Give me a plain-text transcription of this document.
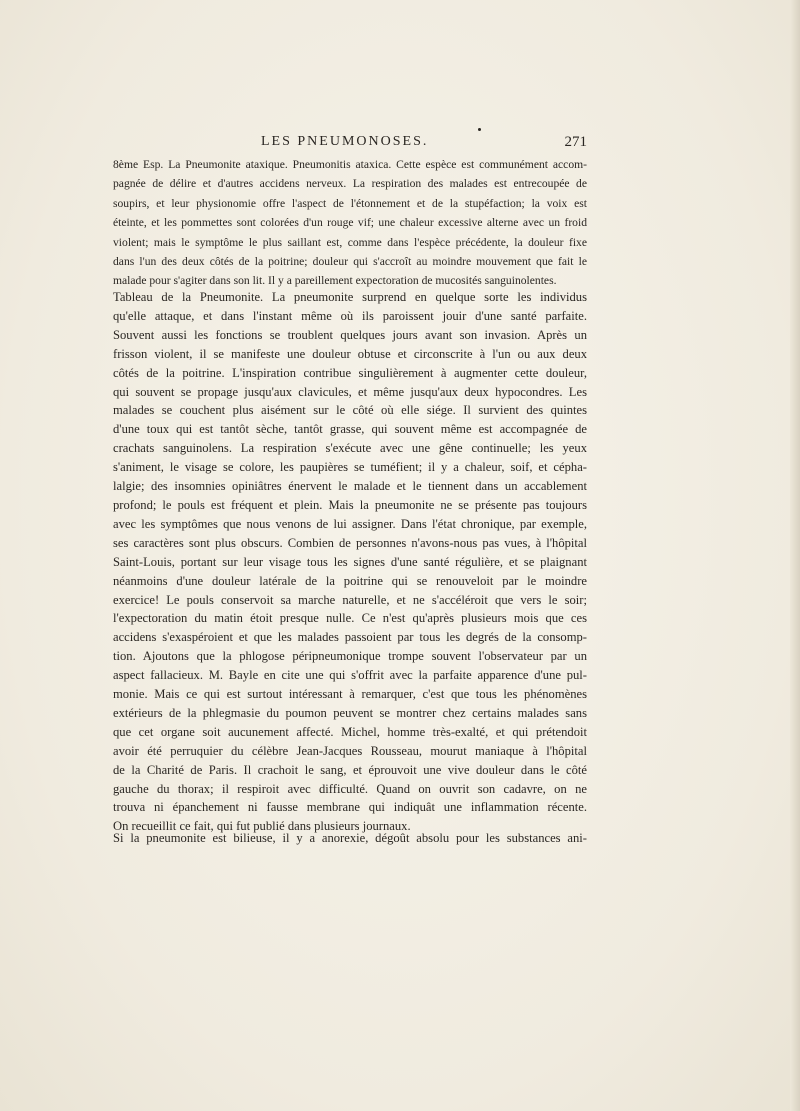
LES PNEUMONOSES.	271
8ème Esp. La Pneumonite ataxique. Pneumonitis ataxica. Cette espèce est communément accom-
pagnée de délire et d'autres accidens nerveux. La respiration des malades est entrecoupée de
soupirs, et leur physionomie offre l'aspect de l'étonnement et de la stupéfaction; la voix est
éteinte, et les pommettes sont colorées d'un rouge vif; une chaleur excessive alterne avec un froid
violent; mais le symptôme le plus saillant est, comme dans l'espèce précédente, la douleur fixe
dans l'un des deux côtés de la poitrine; douleur qui s'accroît au moindre mouvement que fait le
malade pour s'agiter dans son lit. Il y a pareillement expectoration de mucosités sanguinolentes.
Tableau de la Pneumonite. La pneumonite surprend en quelque sorte les individus
qu'elle attaque, et dans l'instant même où ils paroissent jouir d'une santé parfaite.
Souvent aussi les fonctions se troublent quelques jours avant son invasion. Après un
frisson violent, il se manifeste une douleur obtuse et circonscrite à l'un ou aux deux
côtés de la poitrine. L'inspiration contribue singulièrement à augmenter cette douleur,
qui souvent se propage jusqu'aux clavicules, et même jusqu'aux deux hypocondres. Les
malades se couchent plus aisément sur le côté où elle siége. Il survient des quintes
d'une toux qui est tantôt sèche, tantôt grasse, qui souvent même est accompagnée de
crachats sanguinolens. La respiration s'exécute avec une gêne continuelle; les yeux
s'animent, le visage se colore, les paupières se tuméfient; il y a chaleur, soif, et cépha-
lalgie; des insomnies opiniâtres énervent le malade et le tiennent dans un accablement
profond; le pouls est fréquent et plein. Mais la pneumonite ne se présente pas toujours
avec les symptômes que nous venons de lui assigner. Dans l'état chronique, par exemple,
ses caractères sont plus obscurs. Combien de personnes n'avons-nous pas vues, à l'hôpital
Saint-Louis, portant sur leur visage tous les signes d'une santé régulière, et se plaignant
néanmoins d'une douleur latérale de la poitrine qui se renouveloit par le moindre
exercice! Le pouls conservoit sa marche naturelle, et ne s'accéléroit que vers le soir;
l'expectoration du matin étoit presque nulle. Ce n'est qu'après plusieurs mois que ces
accidens s'exaspéroient et que les malades passoient par tous les degrés de la consomp-
tion. Ajoutons que la phlogose péripneumonique trompe souvent l'observateur par un
aspect fallacieux. M. Bayle en cite une qui s'offrit avec la parfaite apparence d'une pul-
monie. Mais ce qui est surtout intéressant à remarquer, c'est que tous les phénomènes
extérieurs de la phlegmasie du poumon peuvent se montrer chez certains malades sans
que cet organe soit aucunement affecté. Michel, homme très-exalté, et qui prétendoit
avoir été perruquier du célèbre Jean-Jacques Rousseau, mourut maniaque à l'hôpital
de la Charité de Paris. Il crachoit le sang, et éprouvoit une vive douleur dans le côté
gauche du thorax; il respiroit avec difficulté. Quand on ouvrit son cadavre, on ne
trouva ni épanchement ni fausse membrane qui indiquât une inflammation récente.
On recueillit ce fait, qui fut publié dans plusieurs journaux.
Si la pneumonite est bilieuse, il y a anorexie, dégoût absolu pour les substances ani-
